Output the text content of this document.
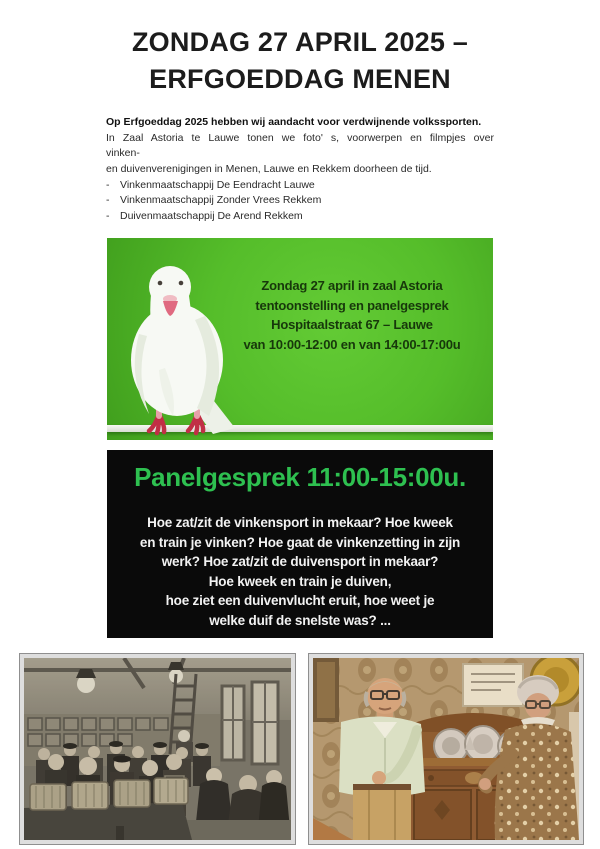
ZONDAG 27 APRIL 2025 –
ERFGOEDDAG MENEN
Op Erfgoeddag 2025 hebben wij aandacht voor verdwijnende volkssporten.
In Zaal Astoria te Lauwe tonen we foto' s, voorwerpen en filmpjes over
vinken-
en duivenverenigingen in Menen, Lauwe en Rekkem doorheen de tijd.
-	Vinkenmaatschappij De Eendracht Lauwe
-	Vinkenmaatschappij Zonder Vrees Rekkem
-	Duivenmaatschappij De Arend Rekkem
Zondag 27 april in zaal Astoria
tentoonstelling en panelgesprek
Hospitaalstraat 67 – Lauwe
van 10:00-12:00 en van 14:00-17:00u
Panelgesprek 11:00-15:00u.
Hoe zat/zit de vinkensport in mekaar? Hoe kweek
en train je vinken? Hoe gaat de vinkenzetting in zijn
werk? Hoe zat/zit de duivensport in mekaar?
Hoe kweek en train je duiven,
hoe ziet een duivenvlucht eruit, hoe weet je
welke duif de snelste was? ...
